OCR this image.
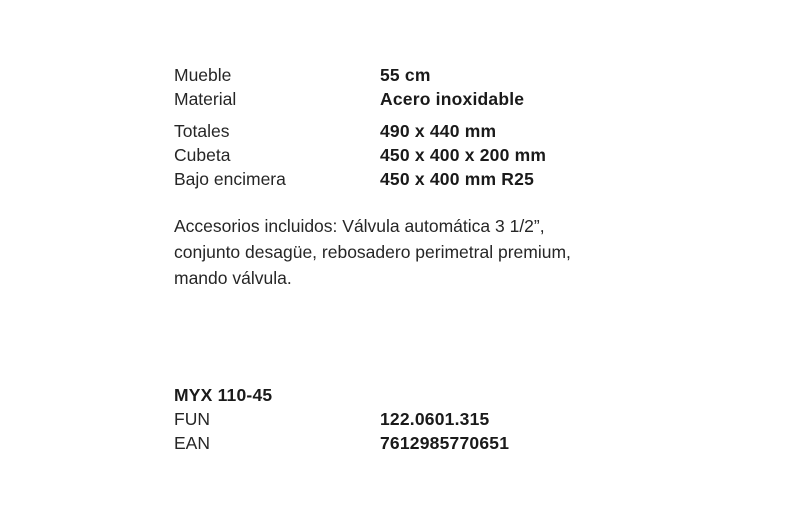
Mueble	55 cm
Material	Acero inoxidable
Totales	490 x 440 mm
Cubeta	450 x 400 x 200 mm
Bajo encimera	450 x 400 mm R25
Accesorios incluidos: Válvula automática 3 1/2”,
conjunto desagüe, rebosadero perimetral premium,
mando válvula.
MYX 110-45
FUN	122.0601.315
EAN	7612985770651
